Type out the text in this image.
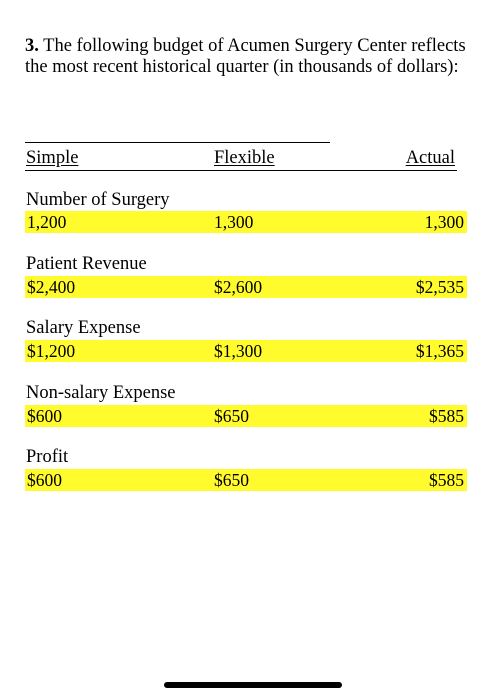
3. The following budget of Acumen Surgery Center reflects the most recent historical quarter (in thousands of dollars):
Simple	Flexible	Actual
Number of Surgery
1,200	1,300	1,300
Patient Revenue
$2,400	$2,600	$2,535
Salary Expense
$1,200	$1,300	$1,365
Non-salary Expense
$600	$650	$585
Profit
$600	$650	$585
